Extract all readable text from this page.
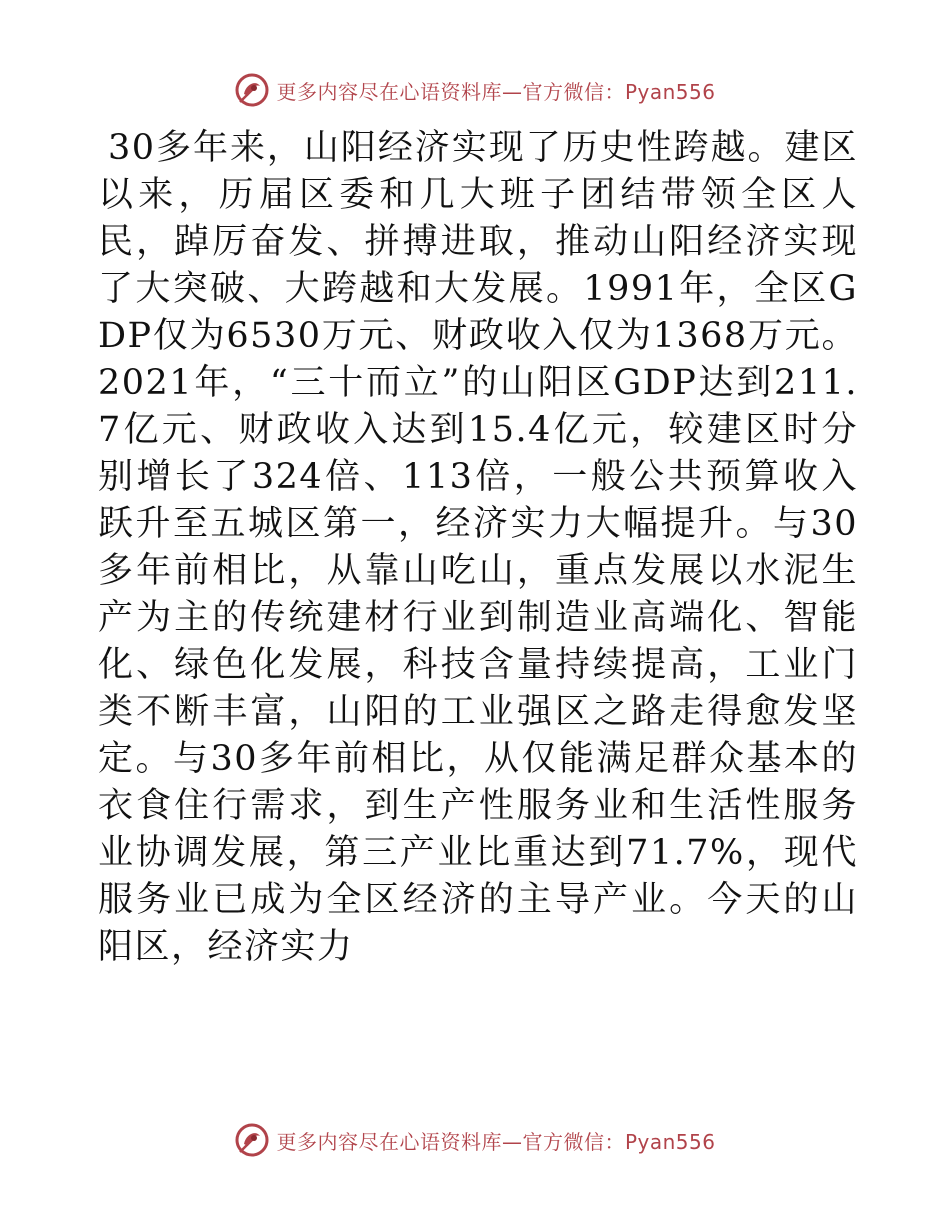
更多内容尽在心语资料库—官方微信：Pyan556

30多年来，山阳经济实现了历史性跨越。建区以来，历届区委和几大班子团结带领全区人民，踔厉奋发、拼搏进取，推动山阳经济实现了大突破、大跨越和大发展。1991年，全区GDP仅为6530万元、财政收入仅为1368万元。2021年，“三十而立”的山阳区GDP达到211.7亿元、财政收入达到15.4亿元，较建区时分别增长了324倍、113倍，一般公共预算收入跃升至五城区第一，经济实力大幅提升。与30多年前相比，从靠山吃山，重点发展以水泥生产为主的传统建材行业到制造业高端化、智能化、绿色化发展，科技含量持续提高，工业门类不断丰富，山阳的工业强区之路走得愈发坚定。与30多年前相比，从仅能满足群众基本的衣食住行需求，到生产性服务业和生活性服务业协调发展，第三产业比重达到71.7%，现代服务业已成为全区经济的主导产业。今天的山阳区，经济实力

更多内容尽在心语资料库—官方微信：Pyan556
